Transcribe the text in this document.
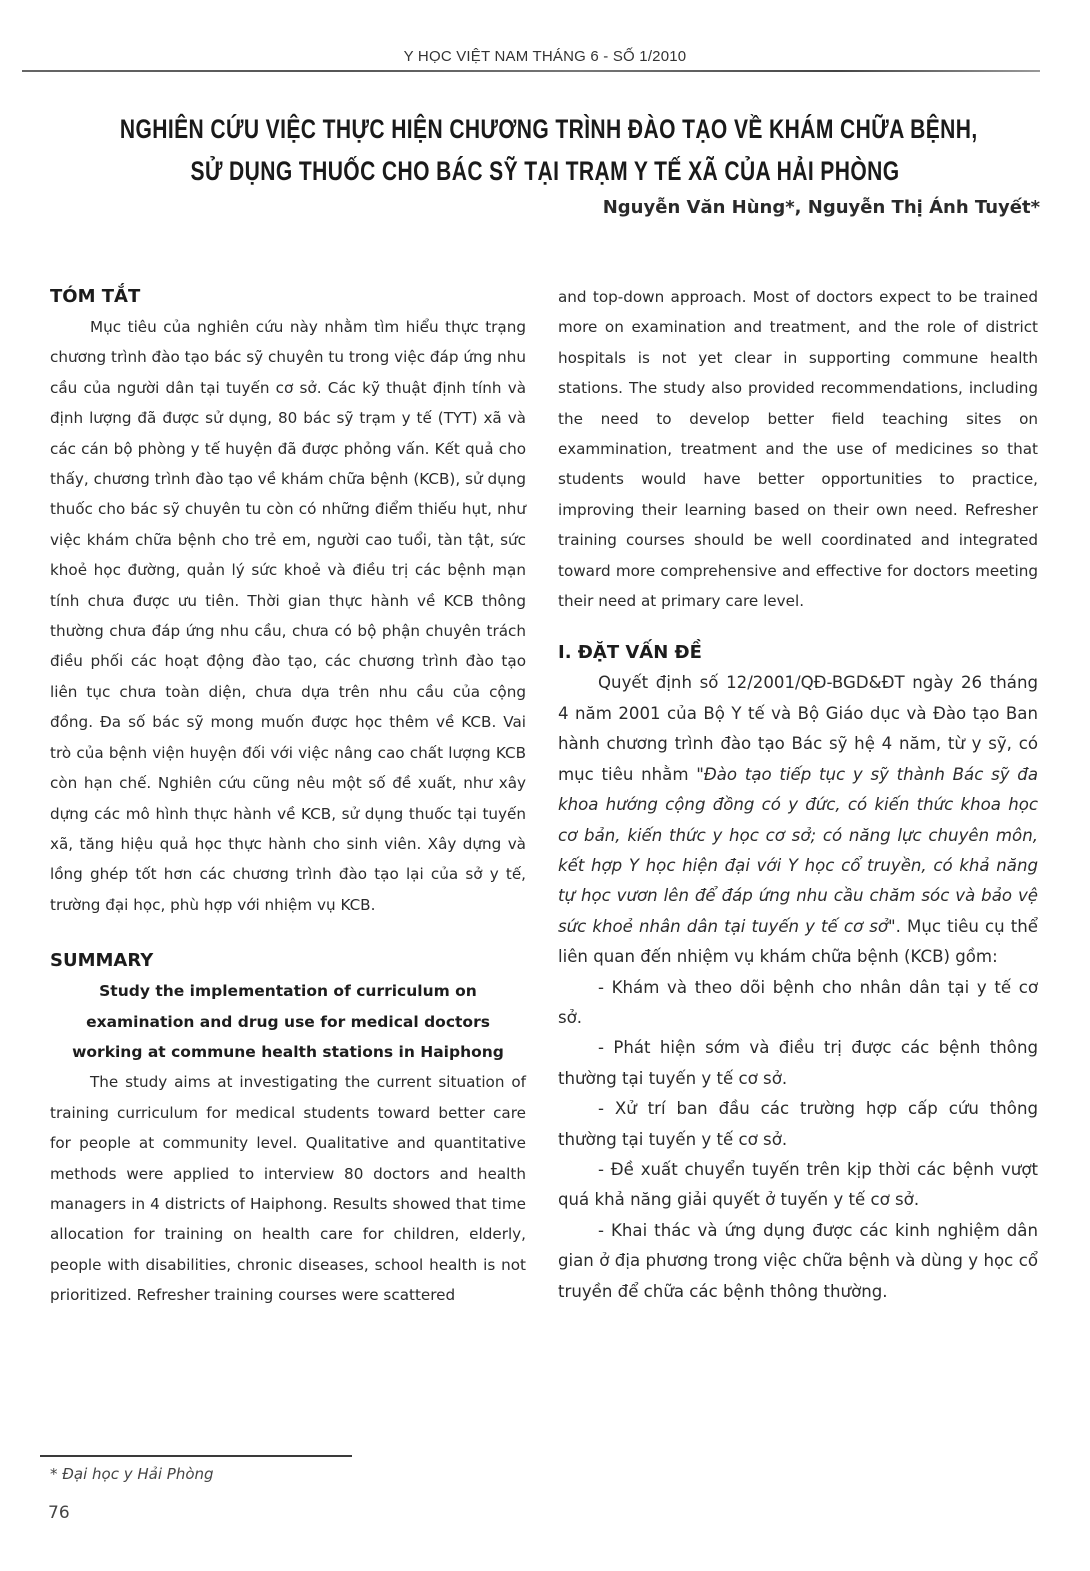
Y HỌC VIỆT NAM THÁNG 6 - SỐ 1/2010
NGHIÊN CỨU VIỆC THỰC HIỆN CHƯƠNG TRÌNH ĐÀO TẠO VỀ KHÁM CHỮA BỆNH,
SỬ DỤNG THUỐC CHO BÁC SỸ TẠI TRẠM Y TẾ XÃ CỦA HẢI PHÒNG
Nguyễn Văn Hùng*, Nguyễn Thị Ánh Tuyết*
TÓM TẮT

Mục tiêu của nghiên cứu này nhằm tìm hiểu thực trạng chương trình đào tạo bác sỹ chuyên tu trong việc đáp ứng nhu cầu của người dân tại tuyến cơ sở. Các kỹ thuật định tính và định lượng đã được sử dụng, 80 bác sỹ trạm y tế (TYT) xã và các cán bộ phòng y tế huyện đã được phỏng vấn. Kết quả cho thấy, chương trình đào tạo về khám chữa bệnh (KCB), sử dụng thuốc cho bác sỹ chuyên tu còn có những điểm thiếu hụt, như việc khám chữa bệnh cho trẻ em, người cao tuổi, tàn tật, sức khoẻ học đường, quản lý sức khoẻ và điều trị các bệnh mạn tính chưa được ưu tiên. Thời gian thực hành về KCB thông thường chưa đáp ứng nhu cầu, chưa có bộ phận chuyên trách điều phối các hoạt động đào tạo, các chương trình đào tạo liên tục chưa toàn diện, chưa dựa trên nhu cầu của cộng đồng. Đa số bác sỹ mong muốn được học thêm về KCB. Vai trò của bệnh viện huyện đối với việc nâng cao chất lượng KCB còn hạn chế. Nghiên cứu cũng nêu một số đề xuất, như xây dựng các mô hình thực hành về KCB, sử dụng thuốc tại tuyến xã, tăng hiệu quả học thực hành cho sinh viên. Xây dựng và lồng ghép tốt hơn các chương trình đào tạo lại của sở y tế, trường đại học, phù hợp với nhiệm vụ KCB.

SUMMARY
Study the implementation of curriculum on examination and drug use for medical doctors working at commune health stations in Haiphong

The study aims at investigating the current situation of training curriculum for medical students toward better care for people at community level. Qualitative and quantitative methods were applied to interview 80 doctors and health managers in 4 districts of Haiphong. Results showed that time allocation for training on health care for children, elderly, people with disabilities, chronic diseases, school health is not prioritized. Refresher training courses were scattered

and top-down approach. Most of doctors expect to be trained more on examination and treatment, and the role of district hospitals is not yet clear in supporting commune health stations. The study also provided recommendations, including the need to develop better field teaching sites on exammination, treatment and the use of medicines so that students would have better opportunities to practice, improving their learning based on their own need. Refresher training courses should be well coordinated and integrated toward more comprehensive and effective for doctors meeting their need at primary care level.

I. ĐẶT VẤN ĐỀ

Quyết định số 12/2001/QĐ-BGD&ĐT ngày 26 tháng 4 năm 2001 của Bộ Y tế và Bộ Giáo dục và Đào tạo Ban hành chương trình đào tạo Bác sỹ hệ 4 năm, từ y sỹ, có mục tiêu nhằm "Đào tạo tiếp tục y sỹ thành Bác sỹ đa khoa hướng cộng đồng có y đức, có kiến thức khoa học cơ bản, kiến thức y học cơ sở; có năng lực chuyên môn, kết hợp Y học hiện đại với Y học cổ truyền, có khả năng tự học vươn lên để đáp ứng nhu cầu chăm sóc và bảo vệ sức khoẻ nhân dân tại tuyến y tế cơ sở". Mục tiêu cụ thể liên quan đến nhiệm vụ khám chữa bệnh (KCB) gồm:

- Khám và theo dõi bệnh cho nhân dân tại y tế cơ sở.

- Phát hiện sớm và điều trị được các bệnh thông thường tại tuyến y tế cơ sở.

- Xử trí ban đầu các trường hợp cấp cứu thông thường tại tuyến y tế cơ sở.

- Đề xuất chuyển tuyến trên kịp thời các bệnh vượt quá khả năng giải quyết ở tuyến y tế cơ sở.

- Khai thác và ứng dụng được các kinh nghiệm dân gian ở địa phương trong việc chữa bệnh và dùng y học cổ truyền để chữa các bệnh thông thường.

* Đại học y Hải Phòng
76
